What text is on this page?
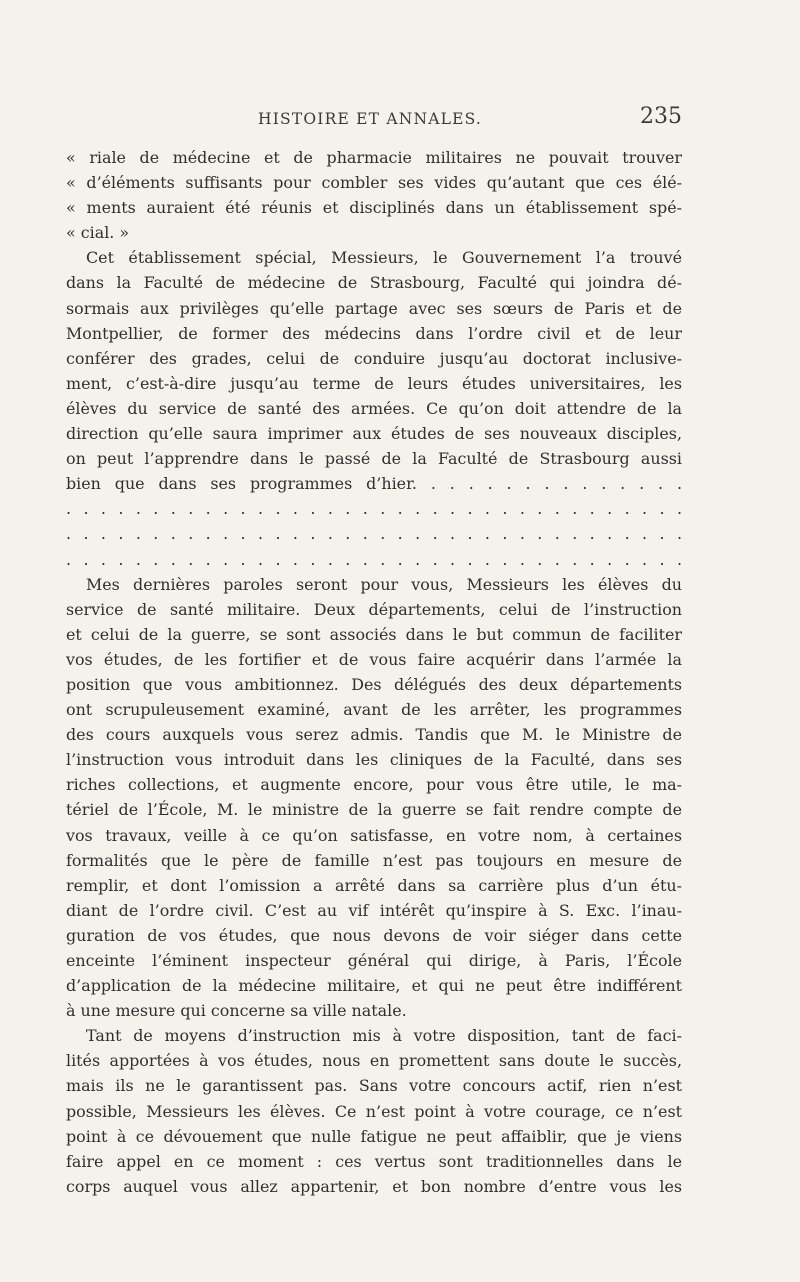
HISTOIRE ET ANNALES.	235
« riale de médecine et de pharmacie militaires ne pouvait trouver
« d’éléments suffisants pour combler ses vides qu’autant que ces élé-
« ments auraient été réunis et disciplinés dans un établissement spé-
« cial. »
Cet établissement spécial, Messieurs, le Gouvernement l’a trouvé
dans la Faculté de médecine de Strasbourg, Faculté qui joindra dé-
sormais aux privilèges qu’elle partage avec ses sœurs de Paris et de
Montpellier, de former des médecins dans l’ordre civil et de leur
conférer des grades, celui de conduire jusqu’au doctorat inclusive-
ment, c’est-à-dire jusqu’au terme de leurs études universitaires, les
élèves du service de santé des armées. Ce qu’on doit attendre de la
direction qu’elle saura imprimer aux études de ses nouveaux disciples,
on peut l’apprendre dans le passé de la Faculté de Strasbourg aussi
bien que dans ses programmes d’hier. . . . . . . . . . . . . . .
. . . . . . . . . . . . . . . . . . . . . . . . . . . . . . . . . . . .
. . . . . . . . . . . . . . . . . . . . . . . . . . . . . . . . . . . .
. . . . . . . . . . . . . . . . . . . . . . . . . . . . . . . . . . . .
Mes dernières paroles seront pour vous, Messieurs les élèves du
service de santé militaire. Deux départements, celui de l’instruction
et celui de la guerre, se sont associés dans le but commun de faciliter
vos études, de les fortifier et de vous faire acquérir dans l’armée la
position que vous ambitionnez. Des délégués des deux départements
ont scrupuleusement examiné, avant de les arrêter, les programmes
des cours auxquels vous serez admis. Tandis que M. le Ministre de
l’instruction vous introduit dans les cliniques de la Faculté, dans ses
riches collections, et augmente encore, pour vous être utile, le ma-
tériel de l’École, M. le ministre de la guerre se fait rendre compte de
vos travaux, veille à ce qu’on satisfasse, en votre nom, à certaines
formalités que le père de famille n’est pas toujours en mesure de
remplir, et dont l’omission a arrêté dans sa carrière plus d’un étu-
diant de l’ordre civil. C’est au vif intérêt qu’inspire à S. Exc. l’inau-
guration de vos études, que nous devons de voir siéger dans cette
enceinte l’éminent inspecteur général qui dirige, à Paris, l’École
d’application de la médecine militaire, et qui ne peut être indifférent
à une mesure qui concerne sa ville natale.
Tant de moyens d’instruction mis à votre disposition, tant de faci-
lités apportées à vos études, nous en promettent sans doute le succès,
mais ils ne le garantissent pas. Sans votre concours actif, rien n’est
possible, Messieurs les élèves. Ce n’est point à votre courage, ce n’est
point à ce dévouement que nulle fatigue ne peut affaiblir, que je viens
faire appel en ce moment : ces vertus sont traditionnelles dans le
corps auquel vous allez appartenir, et bon nombre d’entre vous les
